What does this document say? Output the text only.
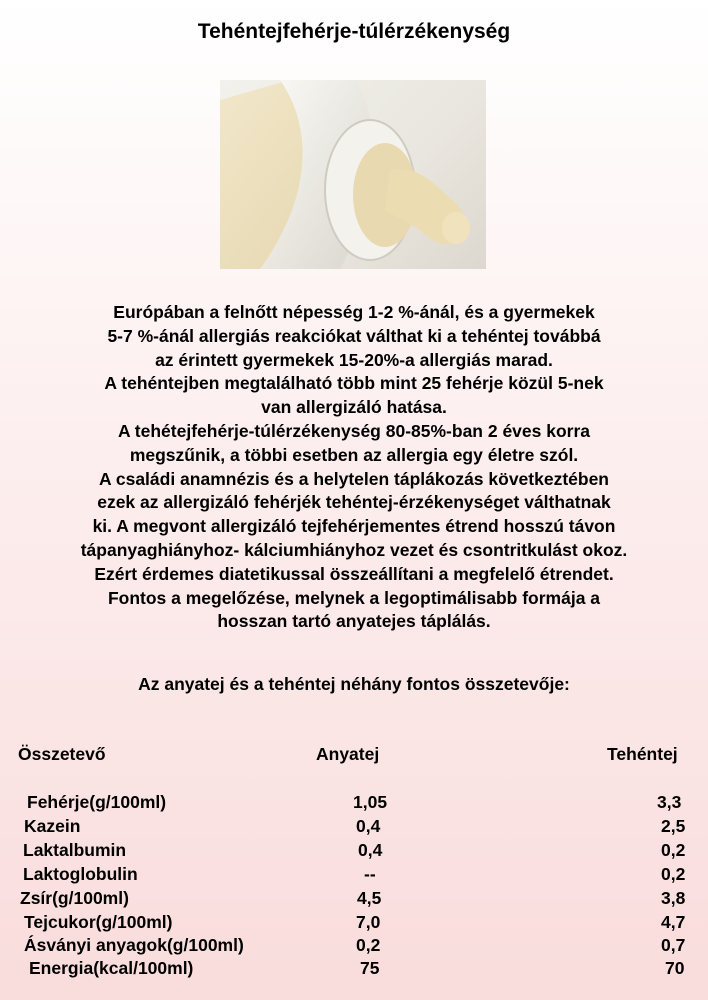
Tehéntejfehérje-túlérzékenység
Európában a felnőtt népesség 1-2 %-ánál, és a gyermekek
5-7 %-ánál allergiás reakciókat válthat ki a tehéntej továbbá
az érintett gyermekek 15-20%-a allergiás marad.
A tehéntejben megtalálható több mint 25 fehérje közül 5-nek
van allergizáló hatása.
A tehétejfehérje-túlérzékenység 80-85%-ban 2 éves korra
megszűnik, a többi esetben az allergia egy életre szól.
A családi anamnézis és a helytelen táplákozás következtében
ezek az allergizáló fehérjék tehéntej-érzékenységet válthatnak
ki. A megvont allergizáló tejfehérjementes étrend hosszú távon
tápanyaghiányhoz- kálciumhiányhoz vezet és csontritkulást okoz.
Ezért érdemes diatetikussal összeállítani a megfelelő étrendet.
Fontos a megelőzése, melynek a legoptimálisabb formája a
hosszan tartó anyatejes táplálás.
Az anyatej és a tehéntej néhány fontos összetevője:
Összetevő	Anyatej	Tehéntej
Fehérje(g/100ml)	1,05	3,3
Kazein	0,4	2,5
Laktalbumin	0,4	0,2
Laktoglobulin	--	0,2
Zsír(g/100ml)	4,5	3,8
Tejcukor(g/100ml)	7,0	4,7
Ásványi anyagok(g/100ml)	0,2	0,7
Energia(kcal/100ml)	75	70
